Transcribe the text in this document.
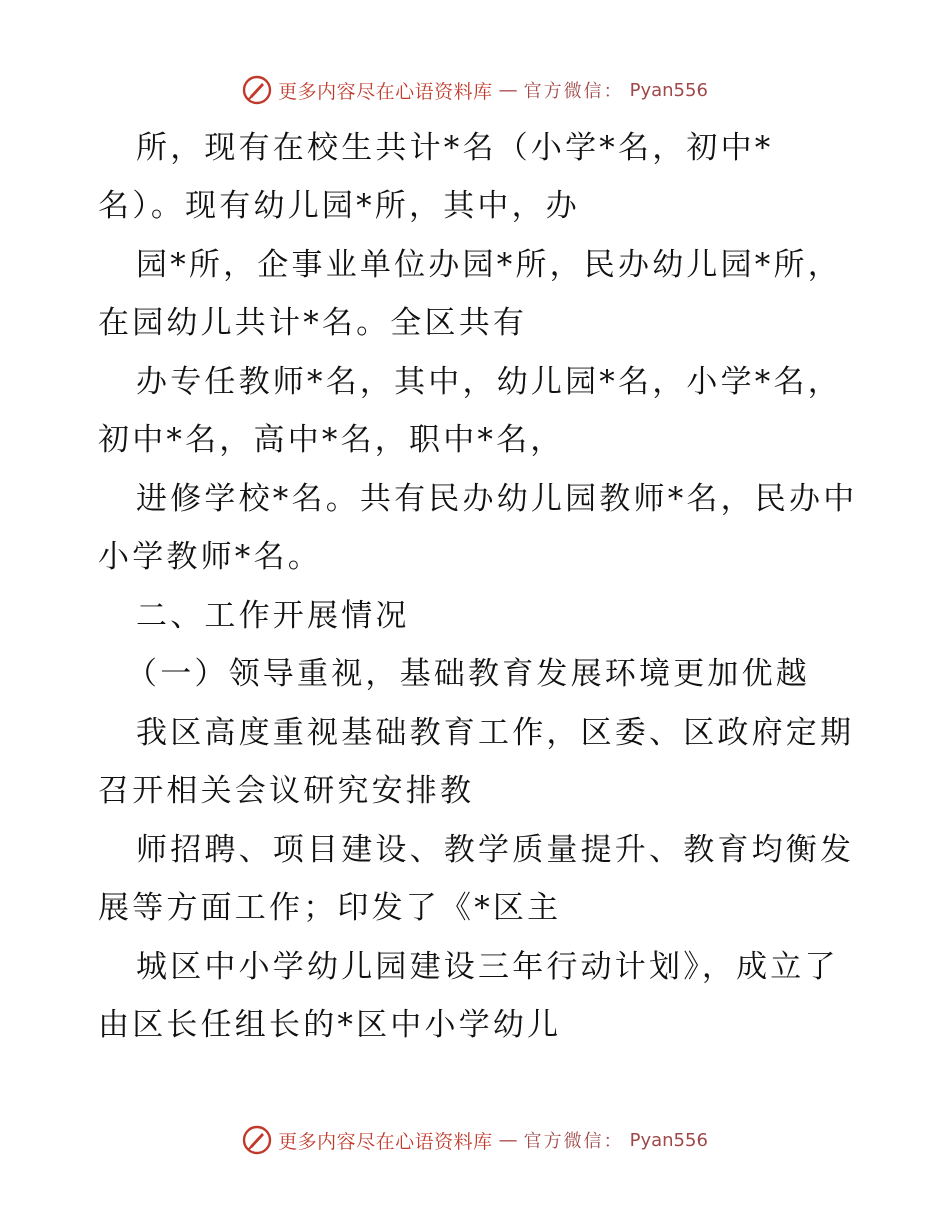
更多内容尽在心语资料库 — 官方微信： Pyan556
所，现有在校生共计*名（小学*名，初中*
名）。现有幼儿园*所，其中，办
园*所，企事业单位办园*所，民办幼儿园*所，
在园幼儿共计*名。全区共有
办专任教师*名，其中，幼儿园*名，小学*名，
初中*名，高中*名，职中*名，
进修学校*名。共有民办幼儿园教师*名，民办中
小学教师*名。
二、工作开展情况
（一）领导重视，基础教育发展环境更加优越
我区高度重视基础教育工作，区委、区政府定期
召开相关会议研究安排教
师招聘、项目建设、教学质量提升、教育均衡发
展等方面工作；印发了《*区主
城区中小学幼儿园建设三年行动计划》，成立了
由区长任组长的*区中小学幼儿
更多内容尽在心语资料库 — 官方微信： Pyan556
